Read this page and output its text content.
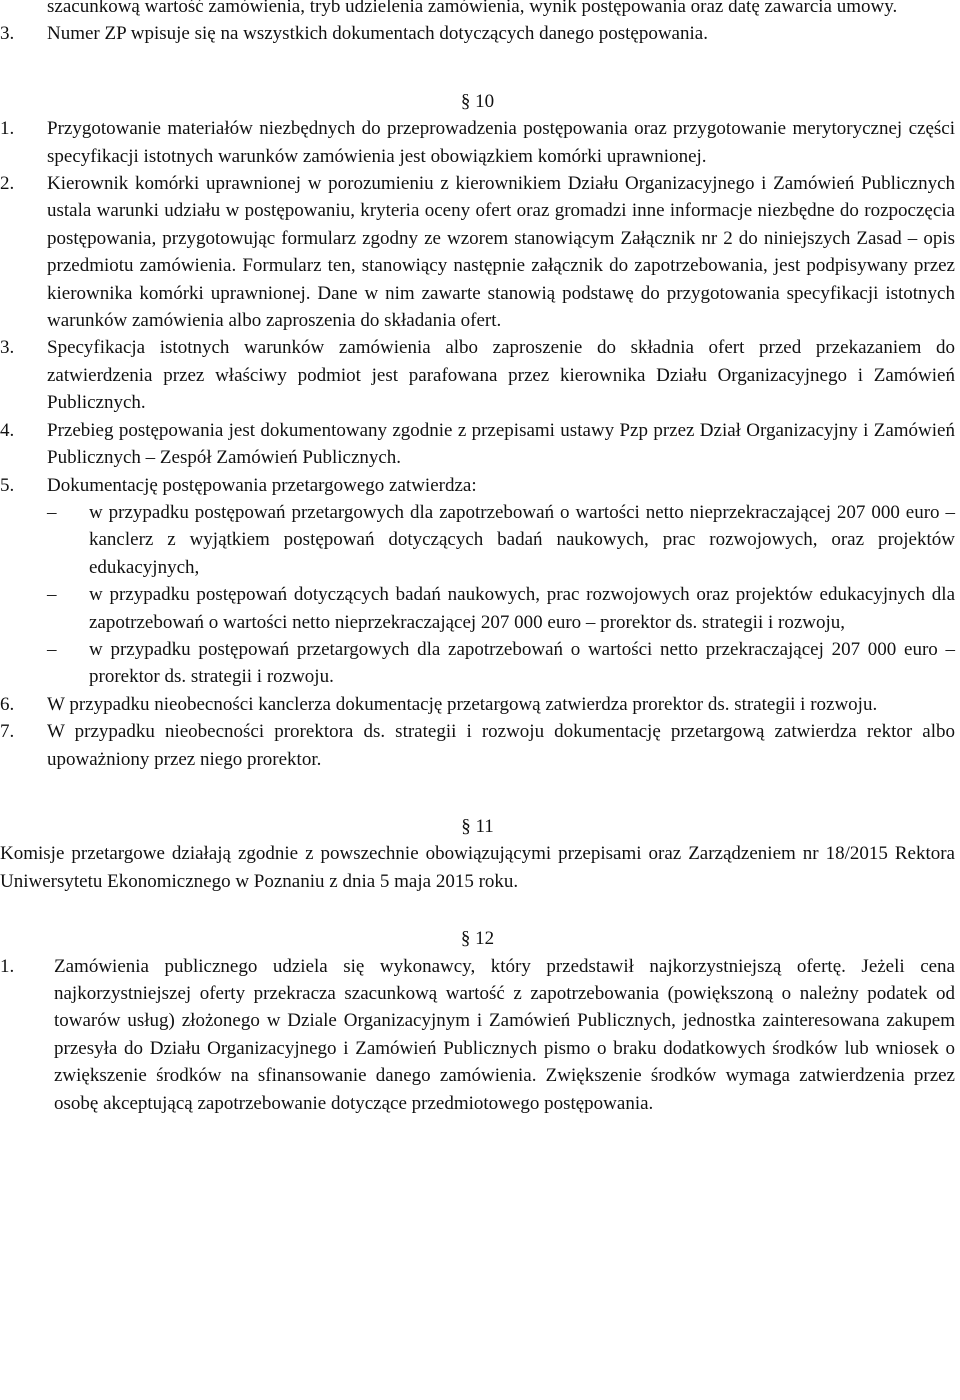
szacunkową wartość zamówienia, tryb udzielenia zamówienia, wynik postępowania oraz datę zawarcia umowy.

3.	Numer ZP wpisuje się na wszystkich dokumentach dotyczących danego postępowania.
§ 10
1.	Przygotowanie materiałów niezbędnych do przeprowadzenia postępowania oraz przygotowanie merytorycznej części specyfikacji istotnych warunków zamówienia jest obowiązkiem komórki uprawnionej.
2.	Kierownik komórki uprawnionej w porozumieniu z kierownikiem Działu Organizacyjnego i Zamówień Publicznych ustala warunki udziału w postępowaniu, kryteria oceny ofert oraz gromadzi inne informacje niezbędne do rozpoczęcia postępowania, przygotowując formularz zgodny ze wzorem stanowiącym Załącznik nr 2 do niniejszych Zasad – opis przedmiotu zamówienia. Formularz ten, stanowiący następnie załącznik do zapotrzebowania, jest podpisywany przez kierownika komórki uprawnionej. Dane w nim zawarte stanowią podstawę do przygotowania specyfikacji istotnych warunków zamówienia albo zaproszenia do składania ofert.
3.	Specyfikacja istotnych warunków zamówienia albo zaproszenie do składnia ofert przed przekazaniem do zatwierdzenia przez właściwy podmiot jest parafowana przez kierownika Działu Organizacyjnego i Zamówień Publicznych.
4.	Przebieg postępowania jest dokumentowany zgodnie z przepisami ustawy Pzp przez Dział Organizacyjny i Zamówień Publicznych – Zespół Zamówień Publicznych.
5.	Dokumentację postępowania przetargowego zatwierdza:
–	w przypadku postępowań przetargowych dla zapotrzebowań o wartości netto nieprzekraczającej 207 000 euro – kanclerz z wyjątkiem postępowań dotyczących badań naukowych, prac rozwojowych, oraz projektów edukacyjnych,
–	w przypadku postępowań dotyczących badań naukowych, prac rozwojowych oraz projektów edukacyjnych dla zapotrzebowań o wartości netto nieprzekraczającej 207 000 euro – prorektor ds. strategii i rozwoju,
–	w przypadku postępowań przetargowych dla zapotrzebowań o wartości netto przekraczającej 207 000 euro – prorektor ds. strategii i rozwoju.
6.	W przypadku nieobecności kanclerza dokumentację przetargową zatwierdza prorektor ds. strategii i rozwoju.
7.	W przypadku nieobecności prorektora ds. strategii i rozwoju dokumentację przetargową zatwierdza rektor albo upoważniony przez niego prorektor.
§ 11

Komisje przetargowe działają zgodnie z powszechnie obowiązującymi przepisami oraz Zarządzeniem nr 18/2015 Rektora Uniwersytetu Ekonomicznego w Poznaniu z dnia 5 maja 2015 roku.

§ 12
1.	Zamówienia publicznego udziela się wykonawcy, który przedstawił najkorzystniejszą ofertę. Jeżeli cena najkorzystniejszej oferty przekracza szacunkową wartość z zapotrzebowania (powiększoną o należny podatek od towarów usług) złożonego w Dziale Organizacyjnym i Zamówień Publicznych, jednostka zainteresowana zakupem przesyła do Działu Organizacyjnego i Zamówień Publicznych pismo o braku dodatkowych środków lub wniosek o zwiększenie środków na sfinansowanie danego zamówienia. Zwiększenie środków wymaga zatwierdzenia przez osobę akceptującą zapotrzebowanie dotyczące przedmiotowego postępowania.
